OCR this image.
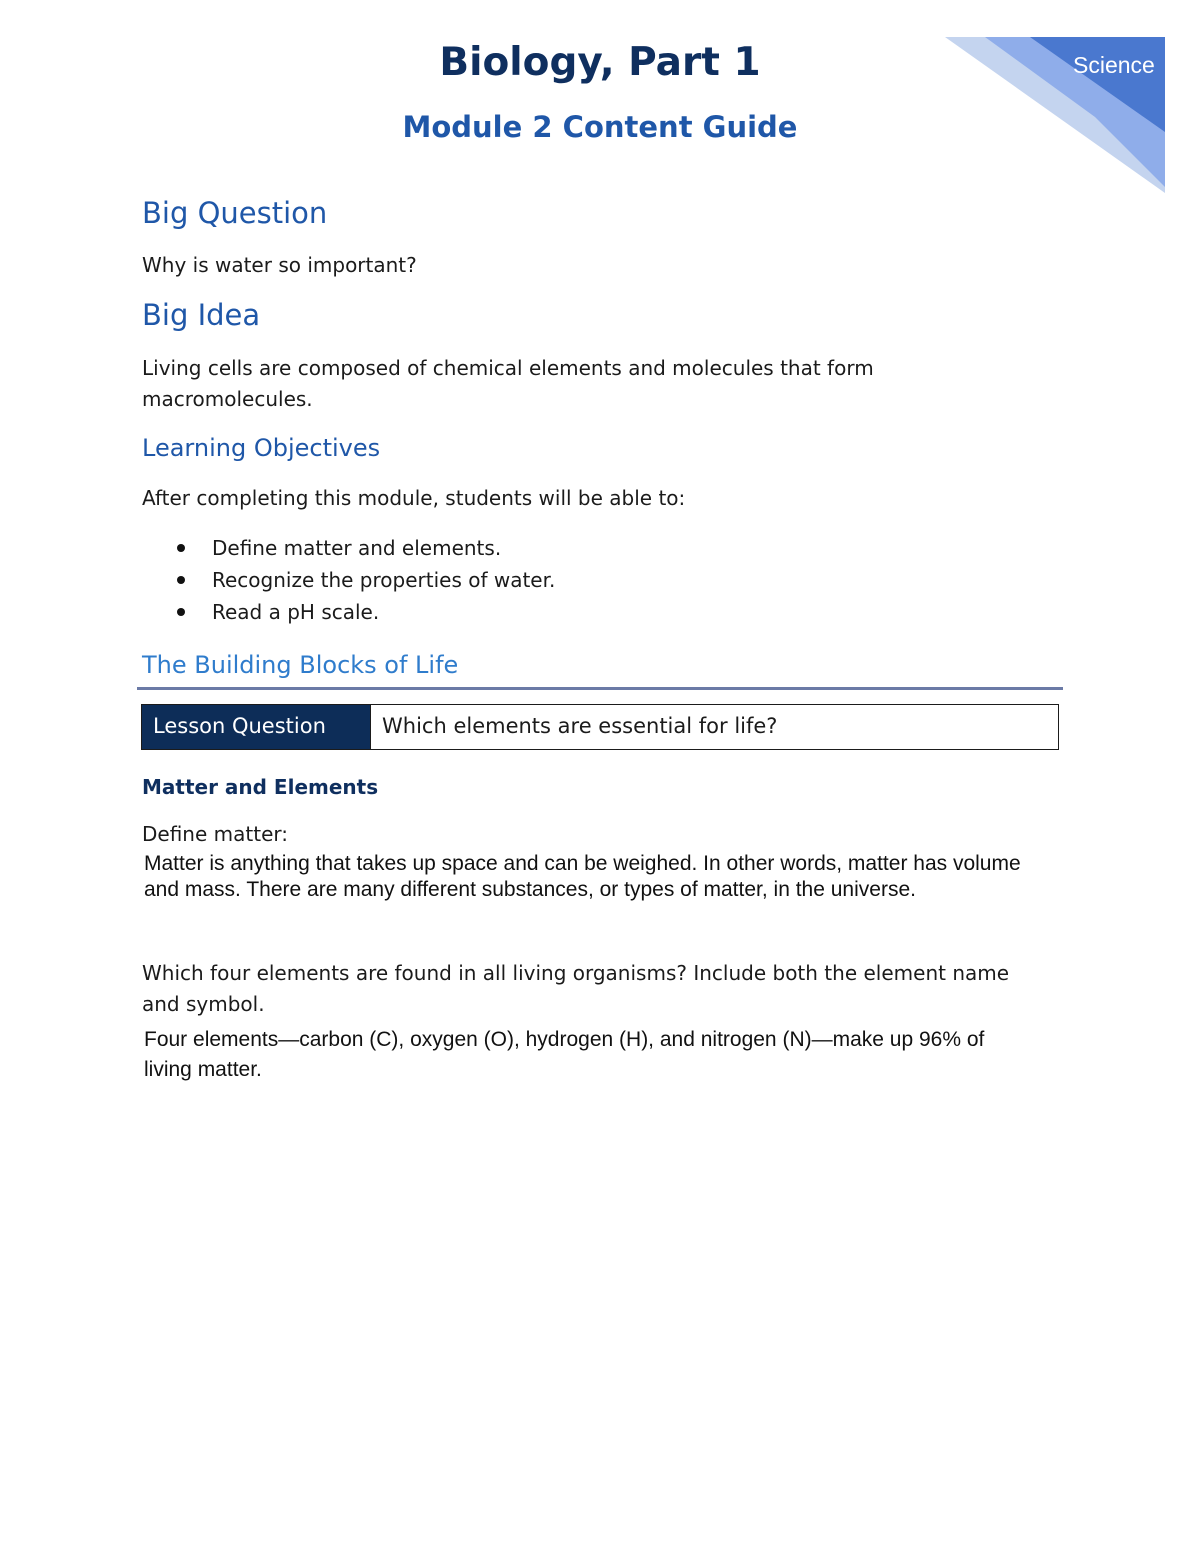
Science
Biology, Part 1
Module 2 Content Guide
Big Question

Why is water so important?

Big Idea

Living cells are composed of chemical elements and molecules that form macromolecules.

Learning Objectives

After completing this module, students will be able to:

Define matter and elements.
Recognize the properties of water.
Read a pH scale.
The Building Blocks of Life
Lesson Question	Which elements are essential for life?
Matter and Elements

Define matter:

Matter is anything that takes up space and can be weighed. In other words, matter has volume and mass. There are many different substances, or types of matter, in the universe.

Which four elements are found in all living organisms? Include both the element name and symbol.

Four elements—carbon (C), oxygen (O), hydrogen (H), and nitrogen (N)—make up 96% of living matter.
